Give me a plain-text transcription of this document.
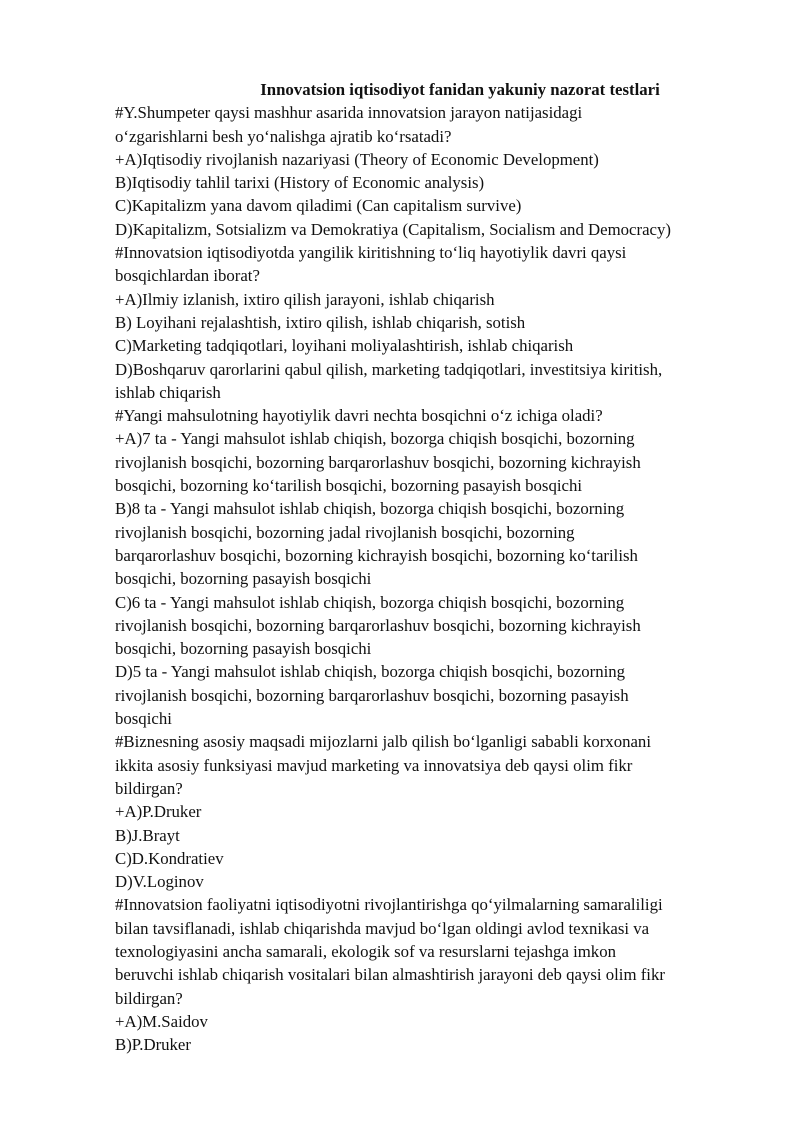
Innovatsion iqtisodiyot fanidan yakuniy nazorat testlari

#Y.Shumpeter qaysi mashhur asarida innovatsion jarayon natijasidagi

o‘zgarishlarni besh yo‘nalishga ajratib ko‘rsatadi?

+A)Iqtisodiy rivojlanish nazariyasi (Theory of Economic Development)

B)Iqtisodiy tahlil tarixi (History of Economic analysis)

C)Kapitalizm yana davom qiladimi (Can capitalism survive)

D)Kapitalizm, Sotsializm va Demokratiya (Capitalism, Socialism and Democracy)

#Innovatsion iqtisodiyotda yangilik kiritishning to‘liq hayotiylik davri qaysi

bosqichlardan iborat?

+A)Ilmiy izlanish, ixtiro qilish jarayoni, ishlab chiqarish

B) Loyihani rejalashtish, ixtiro qilish, ishlab chiqarish, sotish

C)Marketing tadqiqotlari, loyihani moliyalashtirish, ishlab chiqarish

D)Boshqaruv qarorlarini qabul qilish, marketing tadqiqotlari, investitsiya kiritish,

ishlab chiqarish

#Yangi mahsulotning hayotiylik davri nechta bosqichni o‘z ichiga oladi?

+A)7 ta - Yangi mahsulot ishlab chiqish, bozorga chiqish bosqichi, bozorning

rivojlanish bosqichi, bozorning barqarorlashuv bosqichi, bozorning kichrayish

bosqichi, bozorning ko‘tarilish bosqichi, bozorning pasayish bosqichi

B)8 ta - Yangi mahsulot ishlab chiqish, bozorga chiqish bosqichi, bozorning

rivojlanish bosqichi, bozorning jadal rivojlanish bosqichi, bozorning

barqarorlashuv bosqichi, bozorning kichrayish bosqichi, bozorning ko‘tarilish

bosqichi, bozorning pasayish bosqichi

C)6 ta - Yangi mahsulot ishlab chiqish, bozorga chiqish bosqichi, bozorning

rivojlanish bosqichi, bozorning barqarorlashuv bosqichi, bozorning kichrayish

bosqichi, bozorning pasayish bosqichi

D)5 ta - Yangi mahsulot ishlab chiqish, bozorga chiqish bosqichi, bozorning

rivojlanish bosqichi, bozorning barqarorlashuv bosqichi, bozorning pasayish

bosqichi

#Biznesning asosiy maqsadi mijozlarni jalb qilish bo‘lganligi sababli korxonani

ikkita asosiy funksiyasi mavjud marketing va innovatsiya deb qaysi olim fikr

bildirgan?

+A)P.Druker

B)J.Brayt

C)D.Kondratiev

D)V.Loginov

#Innovatsion faoliyatni iqtisodiyotni rivojlantirishga qo‘yilmalarning samaraliligi

bilan tavsiflanadi, ishlab chiqarishda mavjud bo‘lgan oldingi avlod texnikasi va

texnologiyasini ancha samarali, ekologik sof va resurslarni tejashga imkon

beruvchi ishlab chiqarish vositalari bilan almashtirish jarayoni deb qaysi olim fikr

bildirgan?

+A)M.Saidov

B)P.Druker
